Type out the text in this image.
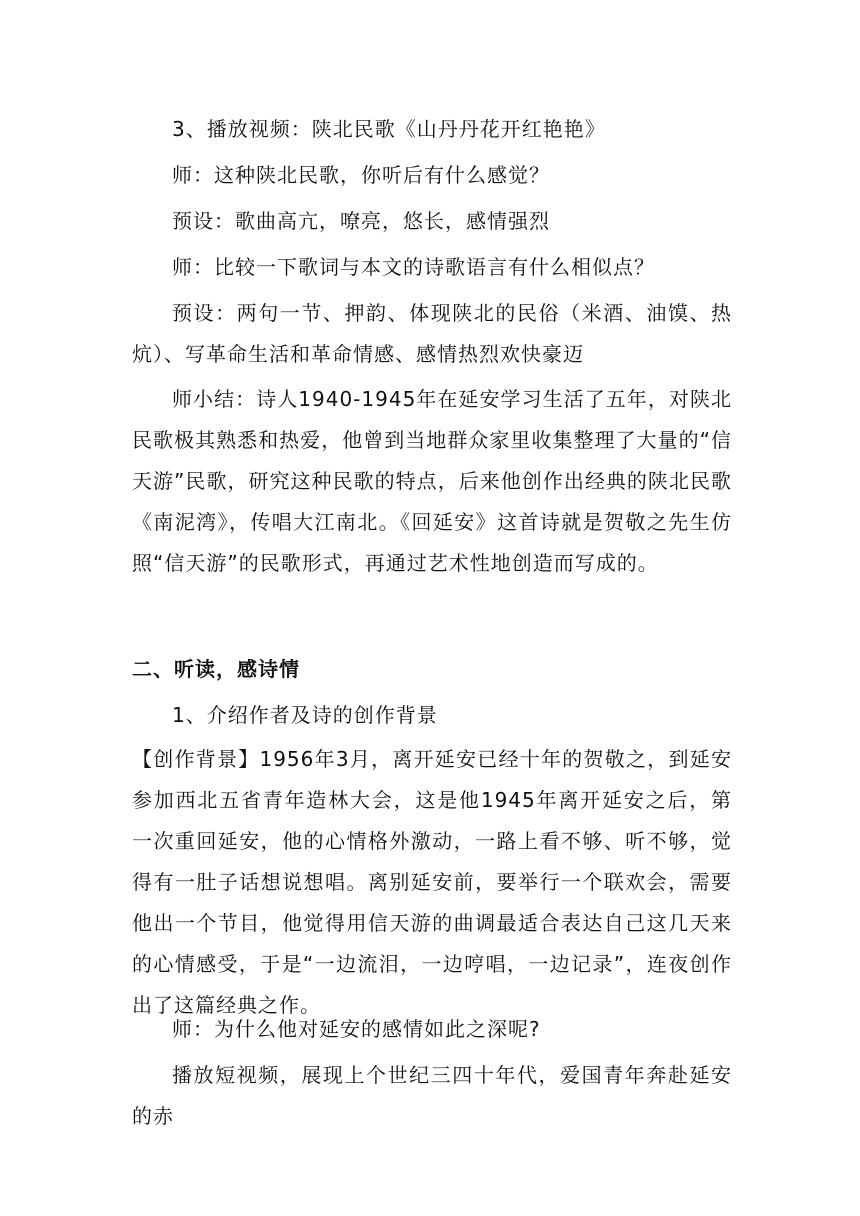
3、播放视频：陕北民歌《山丹丹花开红艳艳》

师：这种陕北民歌，你听后有什么感觉？

预设：歌曲高亢，嘹亮，悠长，感情强烈

师：比较一下歌词与本文的诗歌语言有什么相似点？

预设：两句一节、押韵、体现陕北的民俗（米酒、油馍、热炕）、写革命生活和革命情感、感情热烈欢快豪迈

师小结：诗人1940-1945年在延安学习生活了五年，对陕北民歌极其熟悉和热爱，他曾到当地群众家里收集整理了大量的“信天游”民歌，研究这种民歌的特点，后来他创作出经典的陕北民歌《南泥湾》，传唱大江南北。《回延安》这首诗就是贺敬之先生仿照“信天游”的民歌形式，再通过艺术性地创造而写成的。

二、听读，感诗情

1、介绍作者及诗的创作背景

【创作背景】1956年3月，离开延安已经十年的贺敬之，到延安参加西北五省青年造林大会，这是他1945年离开延安之后，第一次重回延安，他的心情格外激动，一路上看不够、听不够，觉得有一肚子话想说想唱。离别延安前，要举行一个联欢会，需要他出一个节目，他觉得用信天游的曲调最适合表达自己这几天来的心情感受，于是“一边流泪，一边哼唱，一边记录”，连夜创作出了这篇经典之作。

师：为什么他对延安的感情如此之深呢?

播放短视频，展现上个世纪三四十年代，爱国青年奔赴延安的赤
